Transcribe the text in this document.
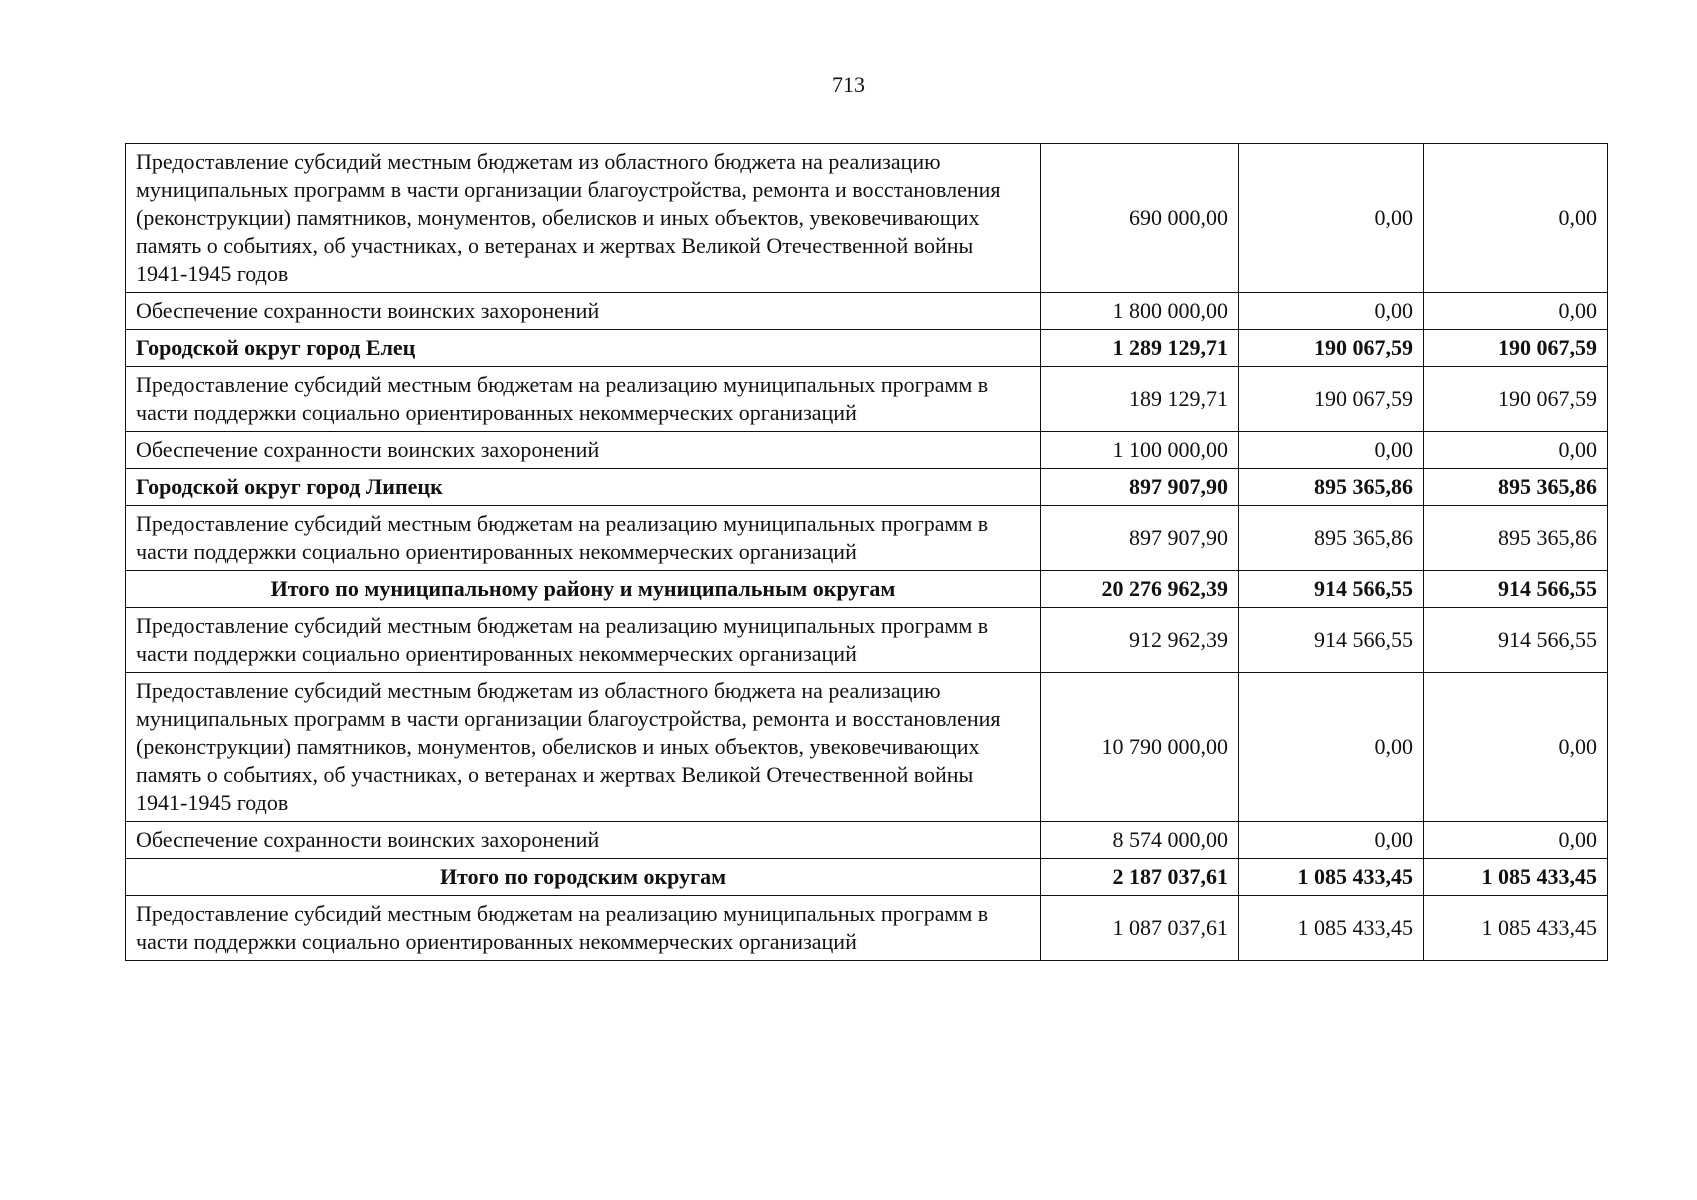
713
Предоставление субсидий местным бюджетам из областного бюджета на реализацию муниципальных программ в части организации благоустройства, ремонта и восстановления (реконструкции) памятников, монументов, обелисков и иных объектов, увековечивающих память о событиях, об участниках, о ветеранах и жертвах Великой Отечественной войны 1941-1945 годов	690 000,00	0,00	0,00
Обеспечение сохранности воинских захоронений	1 800 000,00	0,00	0,00
Городской округ город Елец	1 289 129,71	190 067,59	190 067,59
Предоставление субсидий местным бюджетам на реализацию муниципальных программ в части поддержки социально ориентированных некоммерческих организаций	189 129,71	190 067,59	190 067,59
Обеспечение сохранности воинских захоронений	1 100 000,00	0,00	0,00
Городской округ город Липецк	897 907,90	895 365,86	895 365,86
Предоставление субсидий местным бюджетам на реализацию муниципальных программ в части поддержки социально ориентированных некоммерческих организаций	897 907,90	895 365,86	895 365,86
Итого по муниципальному району и муниципальным округам	20 276 962,39	914 566,55	914 566,55
Предоставление субсидий местным бюджетам на реализацию муниципальных программ в части поддержки социально ориентированных некоммерческих организаций	912 962,39	914 566,55	914 566,55
Предоставление субсидий местным бюджетам из областного бюджета на реализацию муниципальных программ в части организации благоустройства, ремонта и восстановления (реконструкции) памятников, монументов, обелисков и иных объектов, увековечивающих память о событиях, об участниках, о ветеранах и жертвах Великой Отечественной войны 1941-1945 годов	10 790 000,00	0,00	0,00
Обеспечение сохранности воинских захоронений	8 574 000,00	0,00	0,00
Итого по городским округам	2 187 037,61	1 085 433,45	1 085 433,45
Предоставление субсидий местным бюджетам на реализацию муниципальных программ в части поддержки социально ориентированных некоммерческих организаций	1 087 037,61	1 085 433,45	1 085 433,45
